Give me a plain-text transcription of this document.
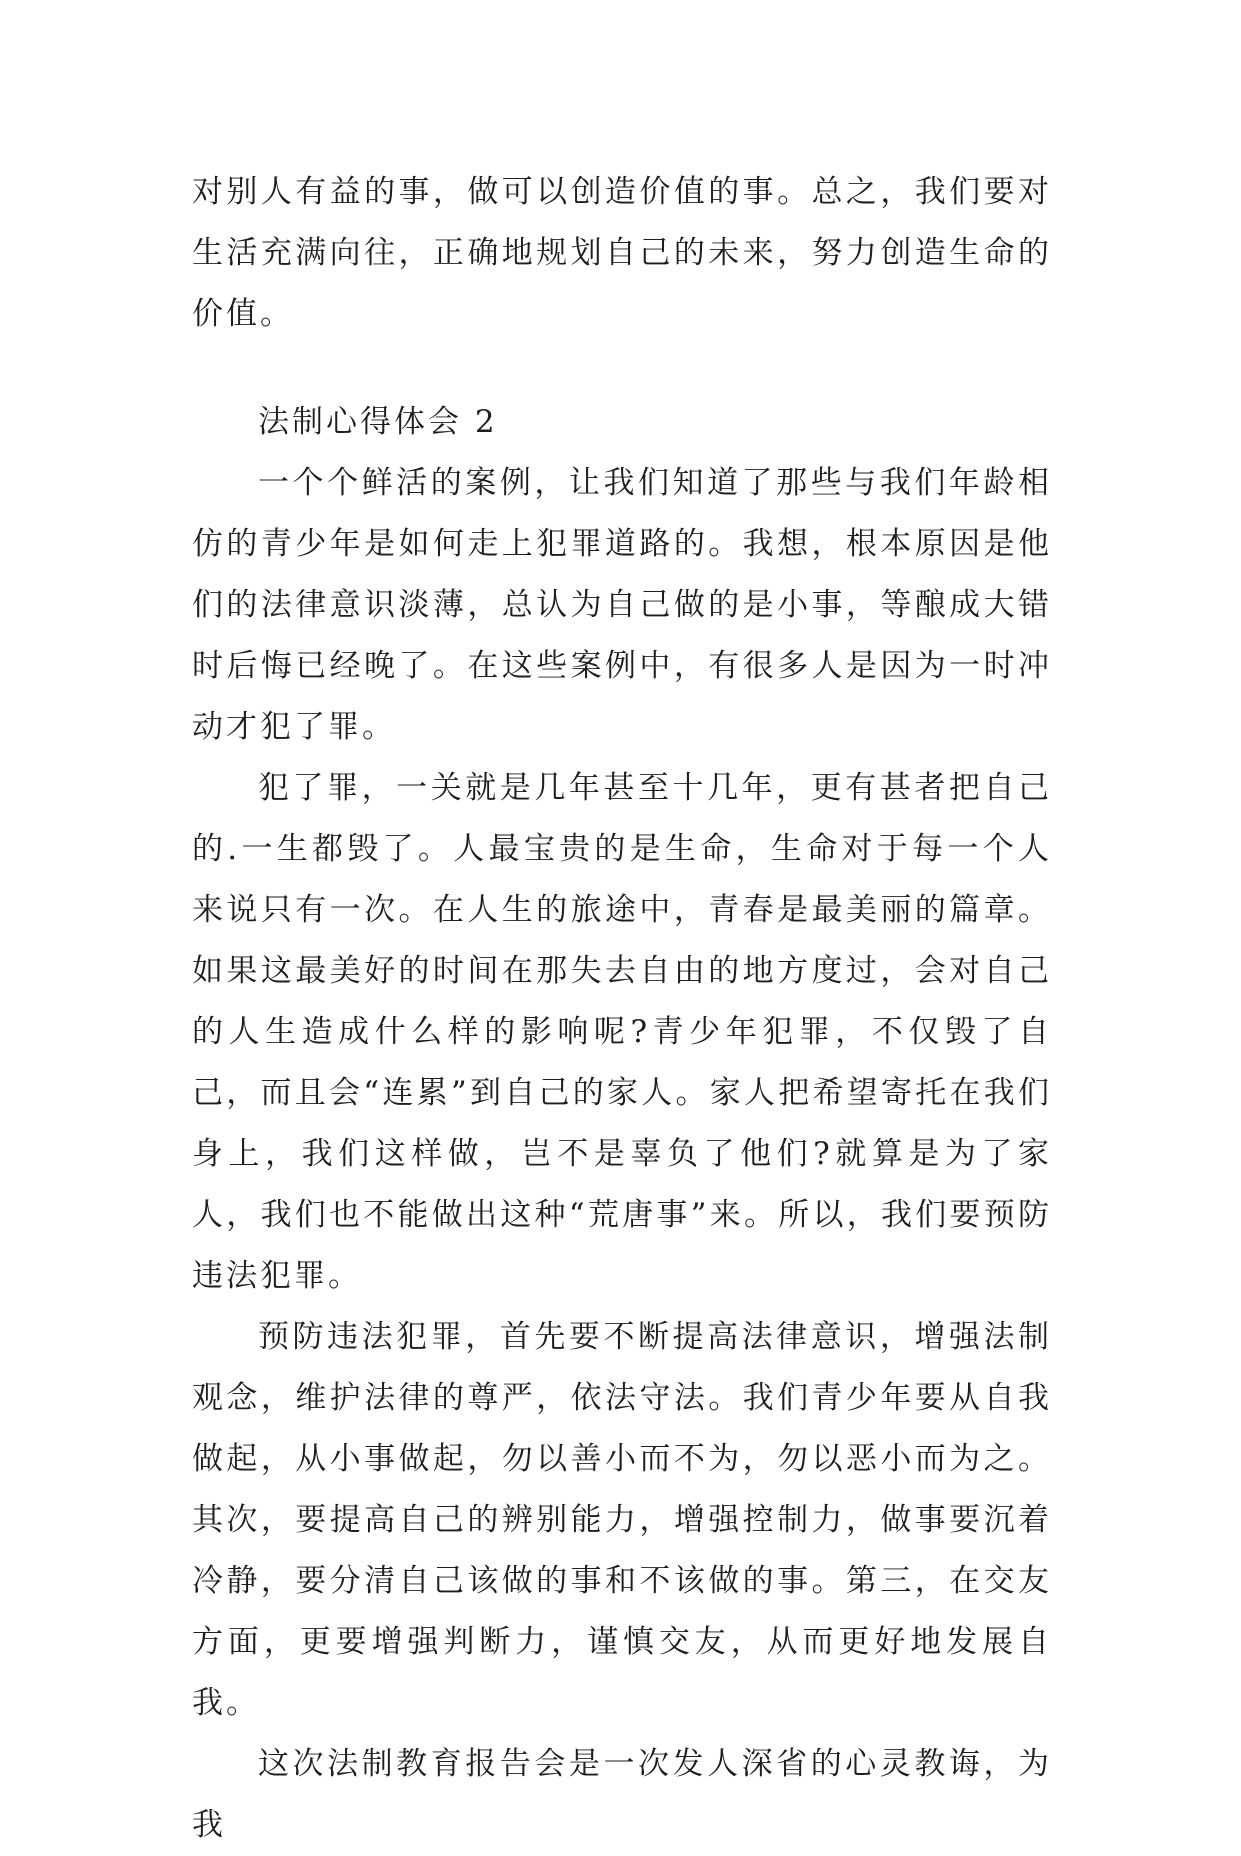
对别人有益的事，做可以创造价值的事。总之，我们要对生活充满向往，正确地规划自己的未来，努力创造生命的价值。

法制心得体会 2

一个个鲜活的案例，让我们知道了那些与我们年龄相仿的青少年是如何走上犯罪道路的。我想，根本原因是他们的法律意识淡薄，总认为自己做的是小事，等酿成大错时后悔已经晚了。在这些案例中，有很多人是因为一时冲动才犯了罪。

犯了罪，一关就是几年甚至十几年，更有甚者把自己的.一生都毁了。人最宝贵的是生命，生命对于每一个人来说只有一次。在人生的旅途中，青春是最美丽的篇章。如果这最美好的时间在那失去自由的地方度过，会对自己的人生造成什么样的影响呢?青少年犯罪，不仅毁了自己，而且会“连累”到自己的家人。家人把希望寄托在我们身上，我们这样做，岂不是辜负了他们?就算是为了家人，我们也不能做出这种“荒唐事”来。所以，我们要预防违法犯罪。

预防违法犯罪，首先要不断提高法律意识，增强法制观念，维护法律的尊严，依法守法。我们青少年要从自我做起，从小事做起，勿以善小而不为，勿以恶小而为之。其次，要提高自己的辨别能力，增强控制力，做事要沉着冷静，要分清自己该做的事和不该做的事。第三，在交友方面，更要增强判断力，谨慎交友，从而更好地发展自我。

这次法制教育报告会是一次发人深省的心灵教诲，为我
